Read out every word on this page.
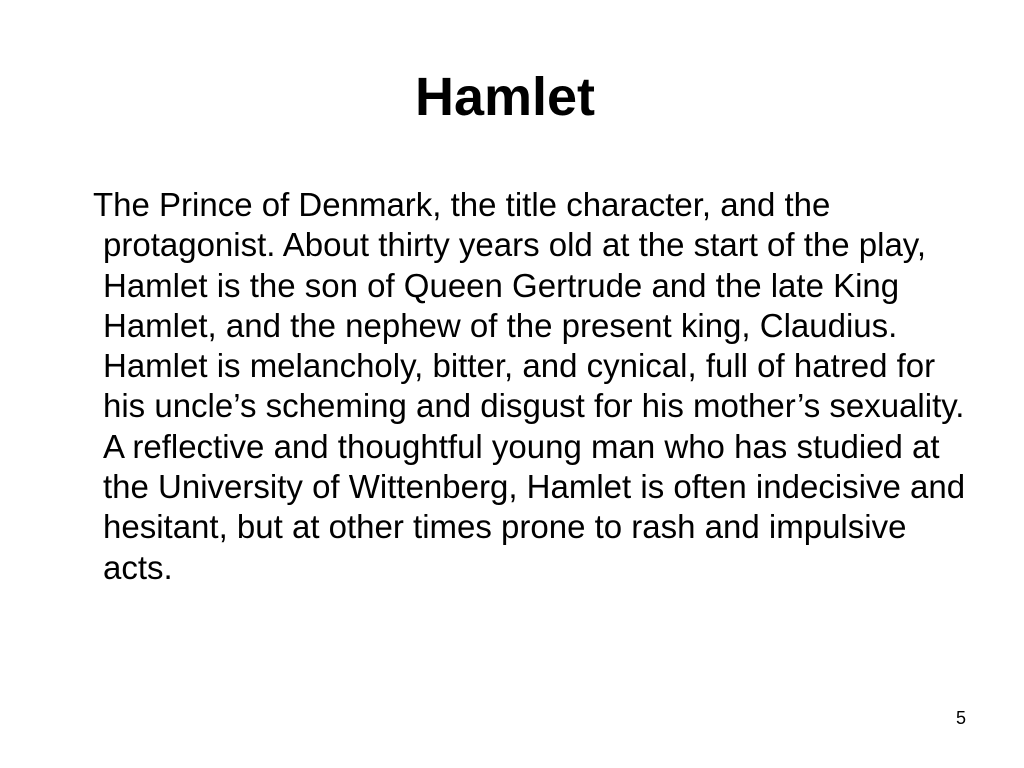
Hamlet

The Prince of Denmark, the title character, and the protagonist. About thirty years old at the start of the play, Hamlet is the son of Queen Gertrude and the late King Hamlet, and the nephew of the present king, Claudius. Hamlet is melancholy, bitter, and cynical, full of hatred for his uncle’s scheming and disgust for his mother’s sexuality. A reflective and thoughtful young man who has studied at the University of Wittenberg, Hamlet is often indecisive and hesitant, but at other times prone to rash and impulsive acts.

5
